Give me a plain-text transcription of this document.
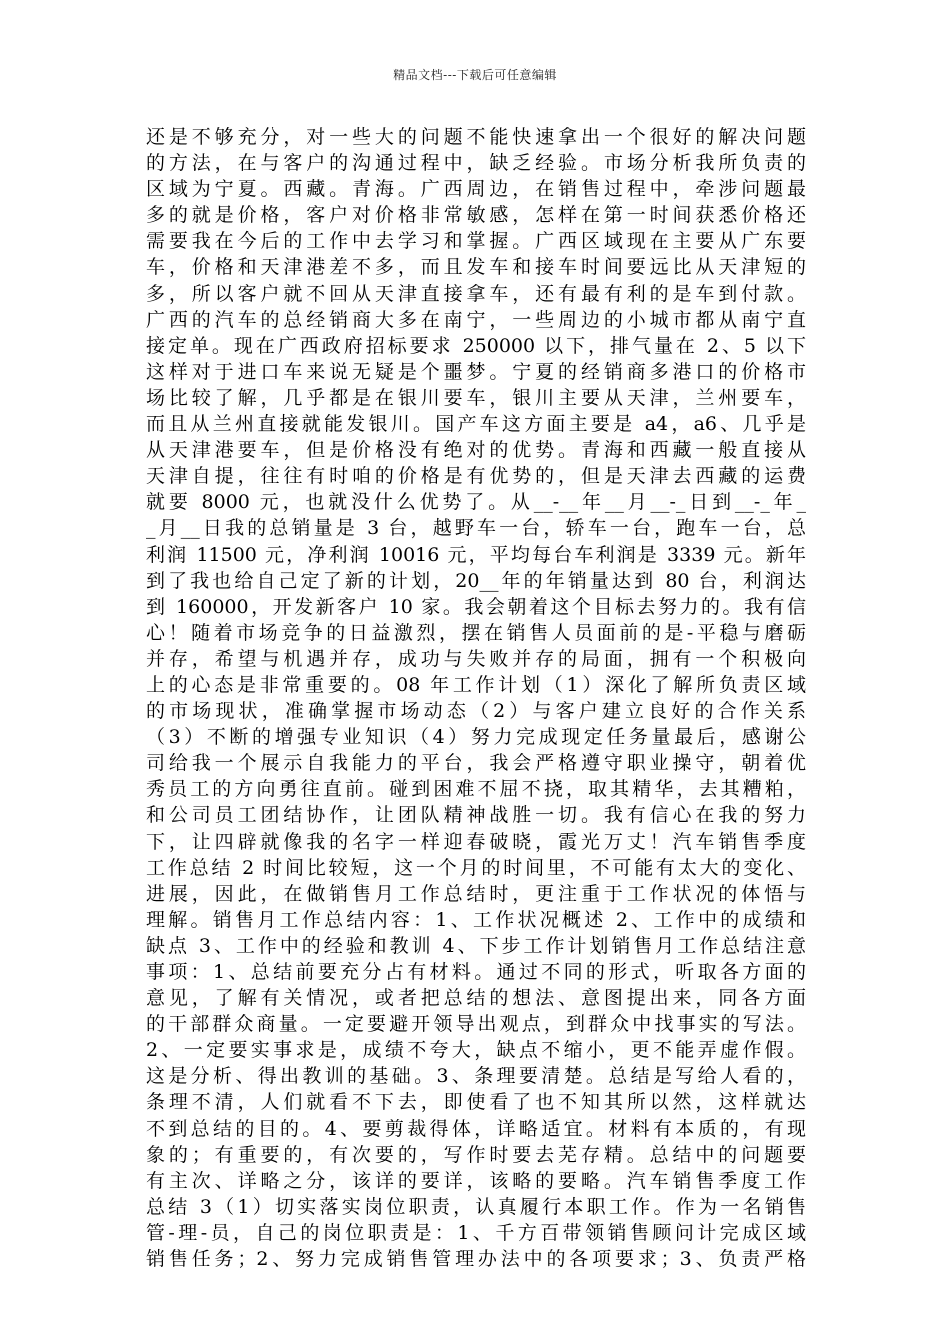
精品文档---下载后可任意编辑
还是不够充分，对一些大的问题不能快速拿出一个很好的解决问题
的方法，在与客户的沟通过程中，缺乏经验。市场分析我所负责的
区域为宁夏。西藏。青海。广西周边，在销售过程中，牵涉问题最
多的就是价格，客户对价格非常敏感，怎样在第一时间获悉价格还
需要我在今后的工作中去学习和掌握。广西区域现在主要从广东要
车，价格和天津港差不多，而且发车和接车时间要远比从天津短的
多，所以客户就不回从天津直接拿车，还有最有利的是车到付款。
广西的汽车的总经销商大多在南宁，一些周边的小城市都从南宁直
接定单。现在广西政府招标要求 250000 以下，排气量在 2、5 以下
这样对于进口车来说无疑是个噩梦。宁夏的经销商多港口的价格市
场比较了解，几乎都是在银川要车，银川主要从天津，兰州要车，
而且从兰州直接就能发银川。国产车这方面主要是 a4，a6、几乎是
从天津港要车，但是价格没有绝对的优势。青海和西藏一般直接从
天津自提，往往有时咱的价格是有优势的，但是天津去西藏的运费
就要 8000 元，也就没什么优势了。从__-__年__月__-_日到__-_年_
_月__日我的总销量是 3 台，越野车一台，轿车一台，跑车一台，总
利润 11500 元，净利润 10016 元，平均每台车利润是 3339 元。新年
到了我也给自己定了新的计划，20__年的年销量达到 80 台，利润达
到 160000，开发新客户 10 家。我会朝着这个目标去努力的。我有信
心！随着市场竞争的日益激烈，摆在销售人员面前的是-平稳与磨砺
并存，希望与机遇并存，成功与失败并存的局面，拥有一个积极向
上的心态是非常重要的。08 年工作计划（1）深化了解所负责区域
的市场现状，准确掌握市场动态（2）与客户建立良好的合作关系
（3）不断的增强专业知识（4）努力完成现定任务量最后，感谢公
司给我一个展示自我能力的平台，我会严格遵守职业操守，朝着优
秀员工的方向勇往直前。碰到困难不屈不挠，取其精华，去其糟粕，
和公司员工团结协作，让团队精神战胜一切。我有信心在我的努力
下，让四辟就像我的名字一样迎春破晓，霞光万丈！汽车销售季度
工作总结 2 时间比较短，这一个月的时间里，不可能有太大的变化、
进展，因此，在做销售月工作总结时，更注重于工作状况的体悟与
理解。销售月工作总结内容：1、工作状况概述 2、工作中的成绩和
缺点 3、工作中的经验和教训 4、下步工作计划销售月工作总结注意
事项：1、总结前要充分占有材料。通过不同的形式，听取各方面的
意见，了解有关情况，或者把总结的想法、意图提出来，同各方面
的干部群众商量。一定要避开领导出观点，到群众中找事实的写法。
2、一定要实事求是，成绩不夸大，缺点不缩小，更不能弄虚作假。
这是分析、得出教训的基础。3、条理要清楚。总结是写给人看的，
条理不清，人们就看不下去，即使看了也不知其所以然，这样就达
不到总结的目的。4、要剪裁得体，详略适宜。材料有本质的，有现
象的；有重要的，有次要的，写作时要去芜存精。总结中的问题要
有主次、详略之分，该详的要详，该略的要略。汽车销售季度工作
总结 3（1）切实落实岗位职责，认真履行本职工作。作为一名销售
管-理-员，自己的岗位职责是：1、千方百带领销售顾问计完成区域
销售任务；2、努力完成销售管理办法中的各项要求；3、负责严格
